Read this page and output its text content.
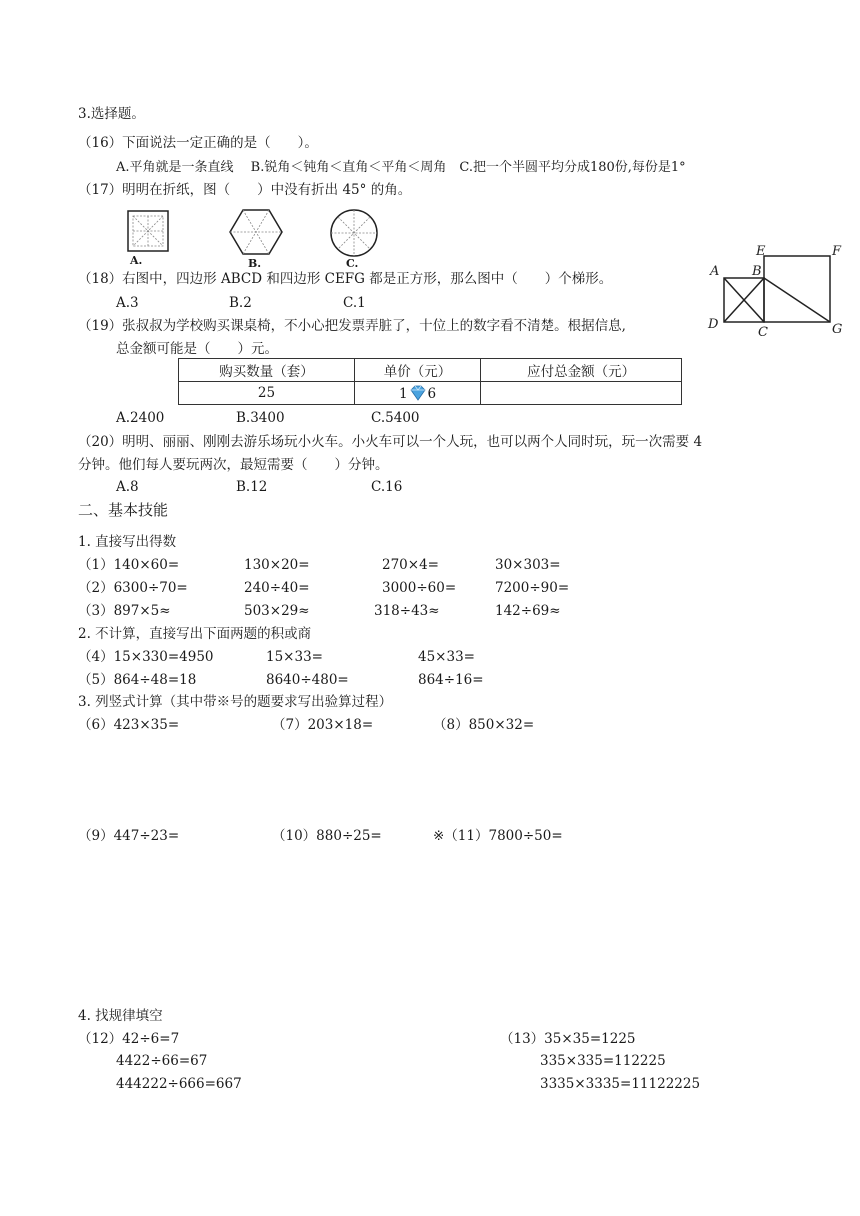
3.选择题。
（16）下面说法一定正确的是（　　）。
A.平角就是一条直线　 B.锐角＜钝角＜直角＜平角＜周角　C.把一个半圆平均分成180份,每份是1°
（17）明明在折纸，图（　　）中没有折出 45° 的角。
A.	B.	C.
（18）右图中，四边形 ABCD 和四边形 CEFG 都是正方形，那么图中（　　）个梯形。
A.3	B.2	C.1
A	B
E	F
D
C	G
（19）张叔叔为学校购买课桌椅，不小心把发票弄脏了，十位上的数字看不清楚。根据信息,
总金额可能是（　　）元。
购买数量（套）	单价（元）	应付总金额（元）
25	1 6	
A.2400	B.3400	C.5400
（20）明明、丽丽、刚刚去游乐场玩小火车。小火车可以一个人玩，也可以两个人同时玩，玩一次需要 4
分钟。他们每人要玩两次，最短需要（　　）分钟。
A.8	B.12	C.16
二、基本技能
1. 直接写出得数
（1）140×60=	130×20=	270×4=	30×303=
（2）6300÷70=	240÷40=	3000÷60=	7200÷90=
（3）897×5≈	503×29≈	318÷43≈	142÷69≈
2. 不计算，直接写出下面两题的积或商
（4）15×330=4950	15×33=	45×33=
（5）864÷48=18	8640÷480=	864÷16=
3. 列竖式计算（其中带※号的题要求写出验算过程）
（6）423×35=	（7）203×18=	（8）850×32=
（9）447÷23=	（10）880÷25=	※（11）7800÷50=
4. 找规律填空
（12）42÷6=7
4422÷66=67
444222÷666=667
（13）35×35=1225
335×335=112225
3335×3335=11122225
